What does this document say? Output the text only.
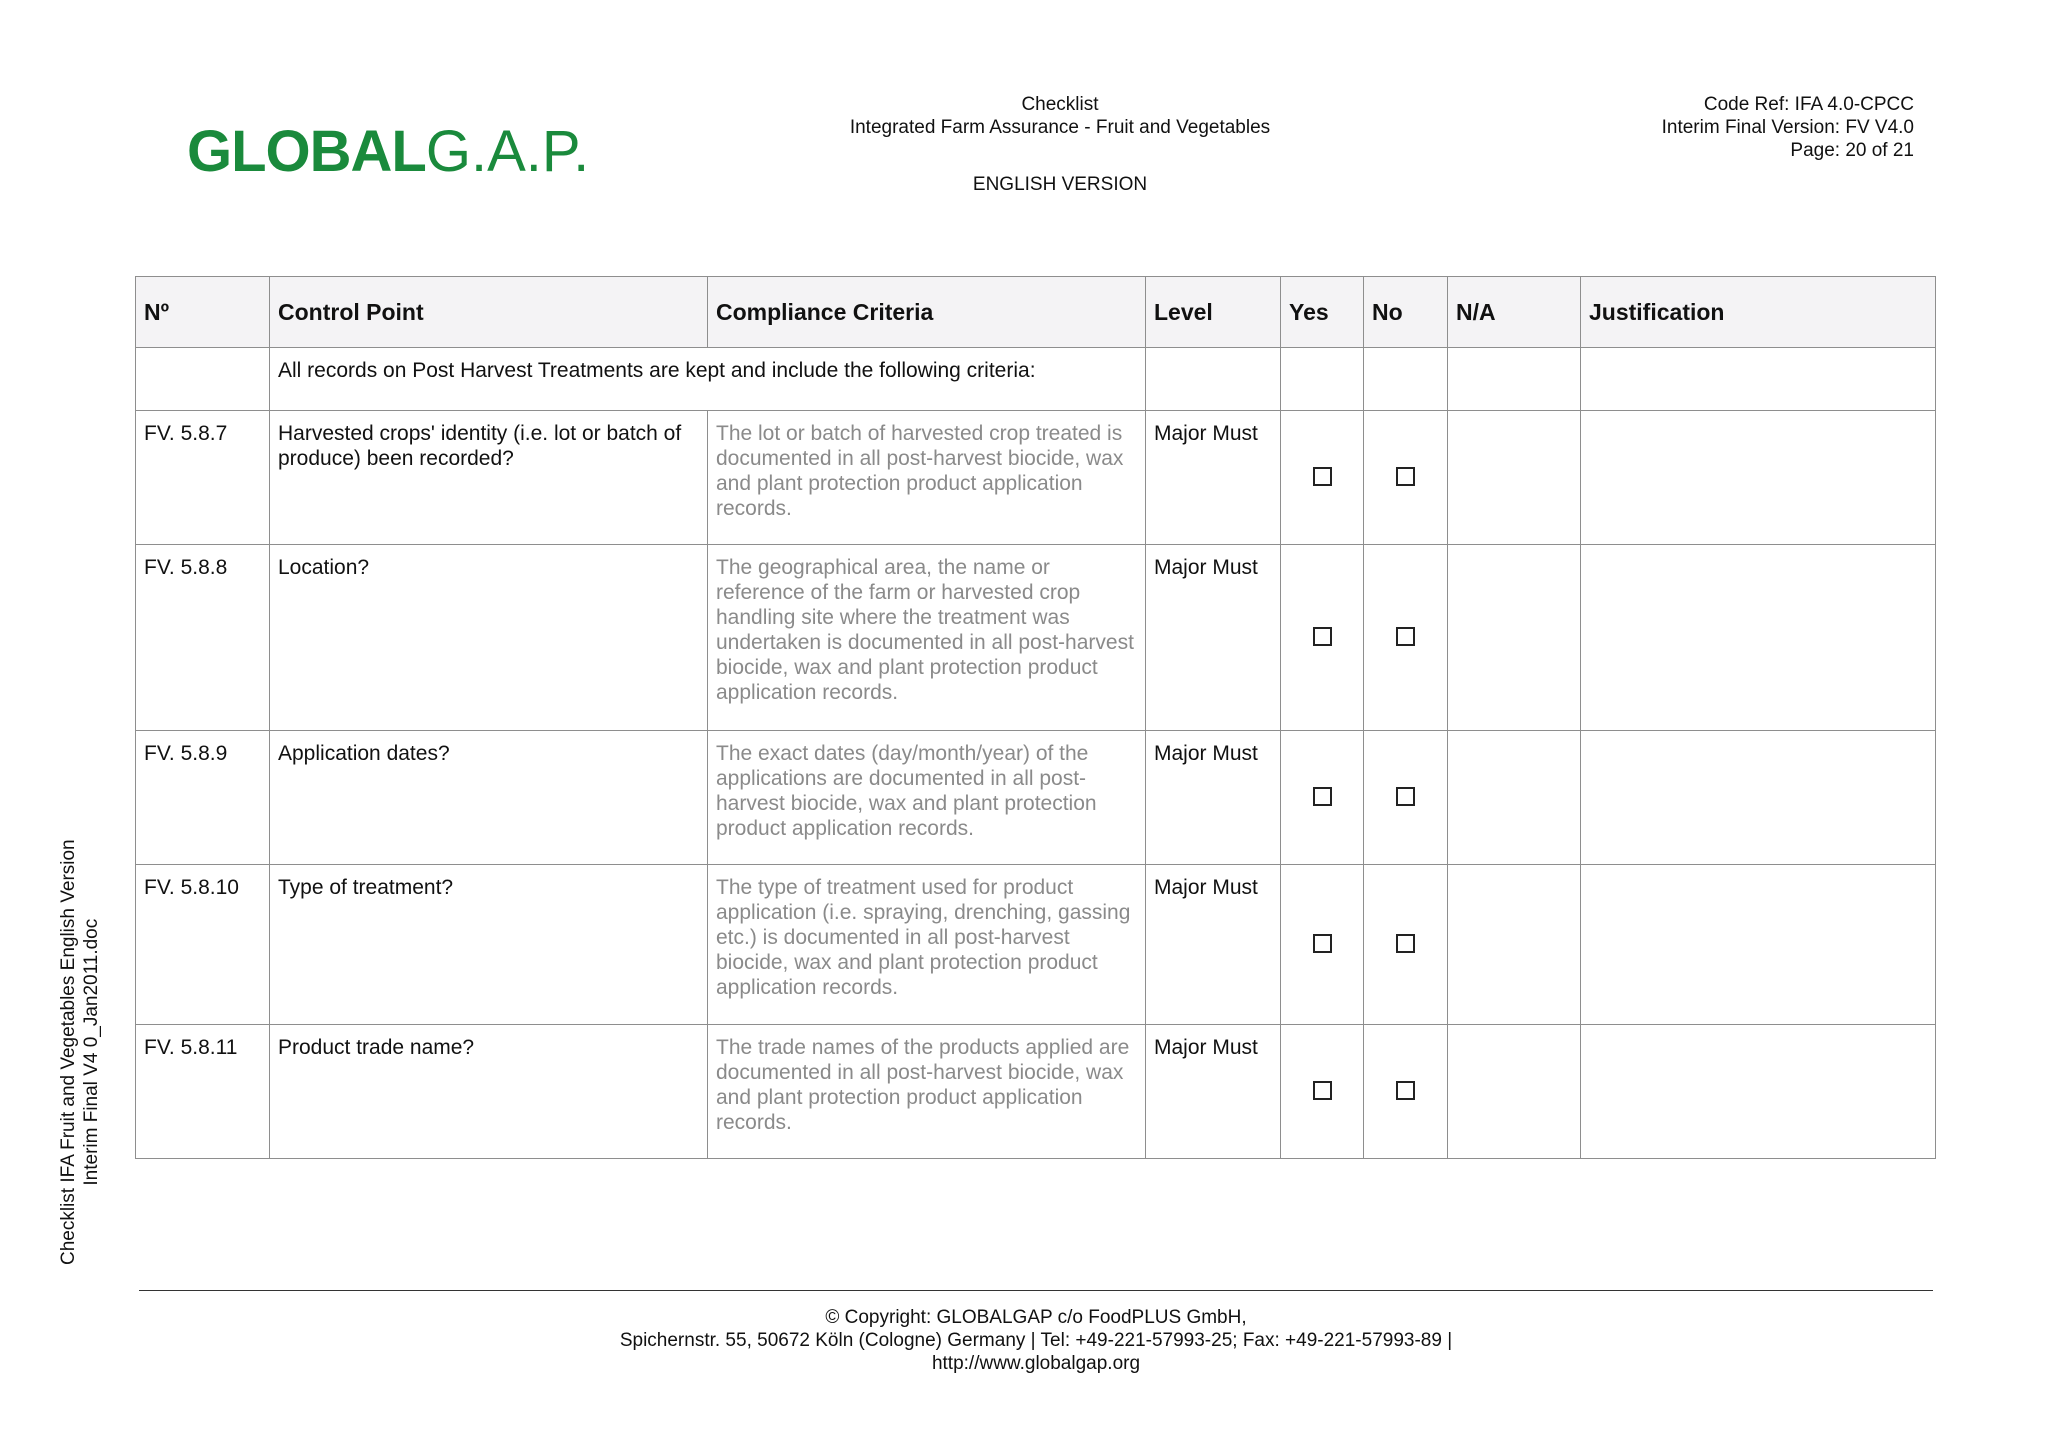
GLOBALG.A.P.
Checklist
Integrated Farm Assurance - Fruit and Vegetables
ENGLISH VERSION
Code Ref: IFA 4.0-CPCC
Interim Final Version: FV V4.0
Page: 20 of 21
Checklist IFA Fruit and Vegetables English Version Interim Final V4 0_Jan2011.doc
Nº	Control Point	Compliance Criteria	Level	Yes	No	N/A	Justification
	All records on Post Harvest Treatments are kept and include the following criteria:						
FV. 5.8.7	Harvested crops' identity (i.e. lot or batch of produce) been recorded?	The lot or batch of harvested crop treated is documented in all post-harvest biocide, wax and plant protection product application records.	Major Must				
FV. 5.8.8	Location?	The geographical area, the name or reference of the farm or harvested crop handling site where the treatment was undertaken is documented in all post-harvest biocide, wax and plant protection product application records.	Major Must				
FV. 5.8.9	Application dates?	The exact dates (day/month/year) of the applications are documented in all post-harvest biocide, wax and plant protection product application records.	Major Must				
FV. 5.8.10	Type of treatment?	The type of treatment used for product application (i.e. spraying, drenching, gassing etc.) is documented in all post-harvest biocide, wax and plant protection product application records.	Major Must				
FV. 5.8.11	Product trade name?	The trade names of the products applied are documented in all post-harvest biocide, wax and plant protection product application records.	Major Must				
© Copyright: GLOBALGAP c/o FoodPLUS GmbH,
Spichernstr. 55, 50672 Köln (Cologne) Germany | Tel: +49-221-57993-25; Fax: +49-221-57993-89 |
http://www.globalgap.org
